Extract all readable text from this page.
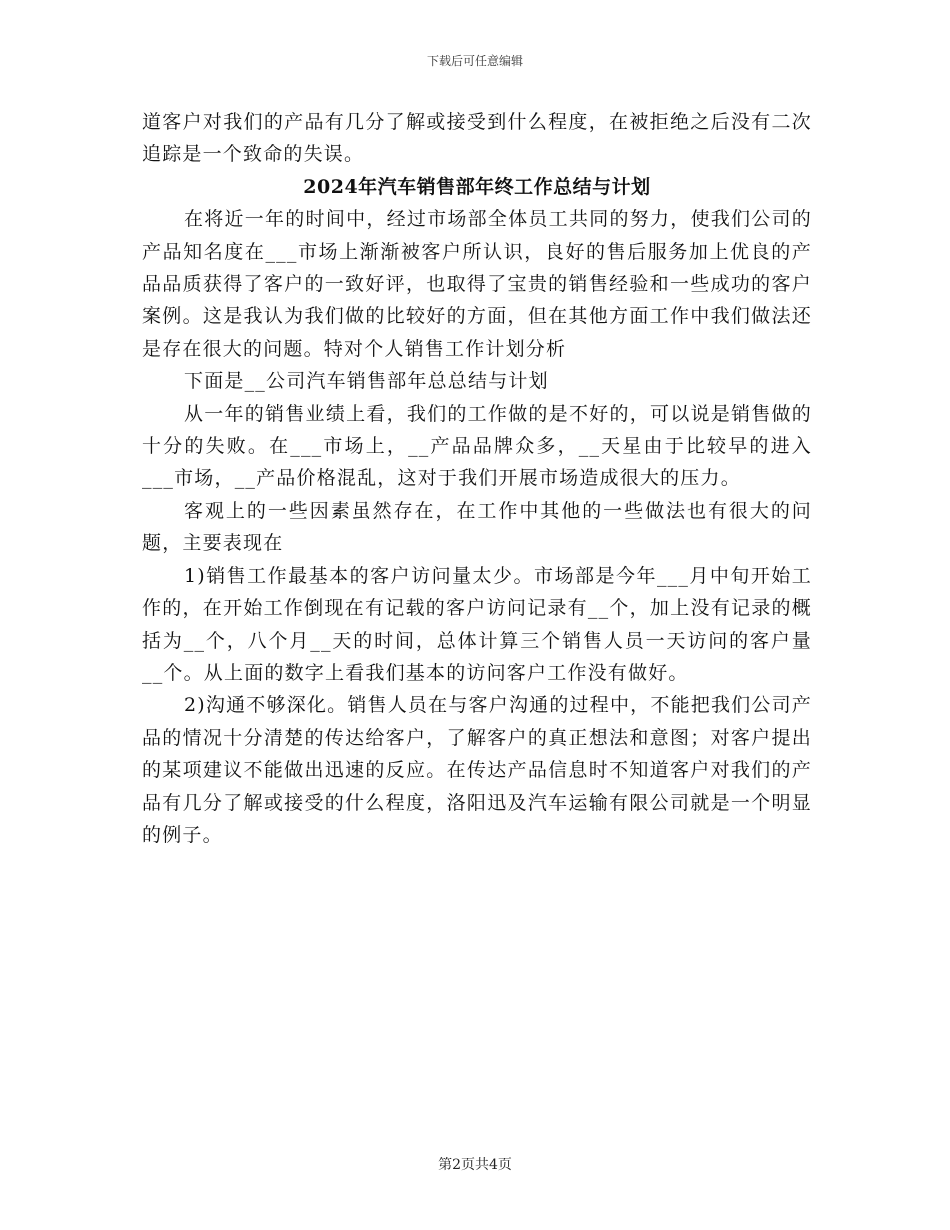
下载后可任意编辑

道客户对我们的产品有几分了解或接受到什么程度，在被拒绝之后没有二次追踪是一个致命的失误。

2024年汽车销售部年终工作总结与计划

在将近一年的时间中，经过市场部全体员工共同的努力，使我们公司的产品知名度在___市场上渐渐被客户所认识，良好的售后服务加上优良的产品品质获得了客户的一致好评，也取得了宝贵的销售经验和一些成功的客户案例。这是我认为我们做的比较好的方面，但在其他方面工作中我们做法还是存在很大的问题。特对个人销售工作计划分析

下面是__公司汽车销售部年总总结与计划

从一年的销售业绩上看，我们的工作做的是不好的，可以说是销售做的十分的失败。在___市场上，__产品品牌众多，__天星由于比较早的进入___市场，__产品价格混乱，这对于我们开展市场造成很大的压力。

客观上的一些因素虽然存在，在工作中其他的一些做法也有很大的问题，主要表现在

1)销售工作最基本的客户访问量太少。市场部是今年___月中旬开始工作的，在开始工作倒现在有记载的客户访问记录有__个，加上没有记录的概括为__个，八个月__天的时间，总体计算三个销售人员一天访问的客户量__个。从上面的数字上看我们基本的访问客户工作没有做好。

2)沟通不够深化。销售人员在与客户沟通的过程中，不能把我们公司产品的情况十分清楚的传达给客户，了解客户的真正想法和意图；对客户提出的某项建议不能做出迅速的反应。在传达产品信息时不知道客户对我们的产品有几分了解或接受的什么程度，洛阳迅及汽车运输有限公司就是一个明显的例子。

第2页共4页
